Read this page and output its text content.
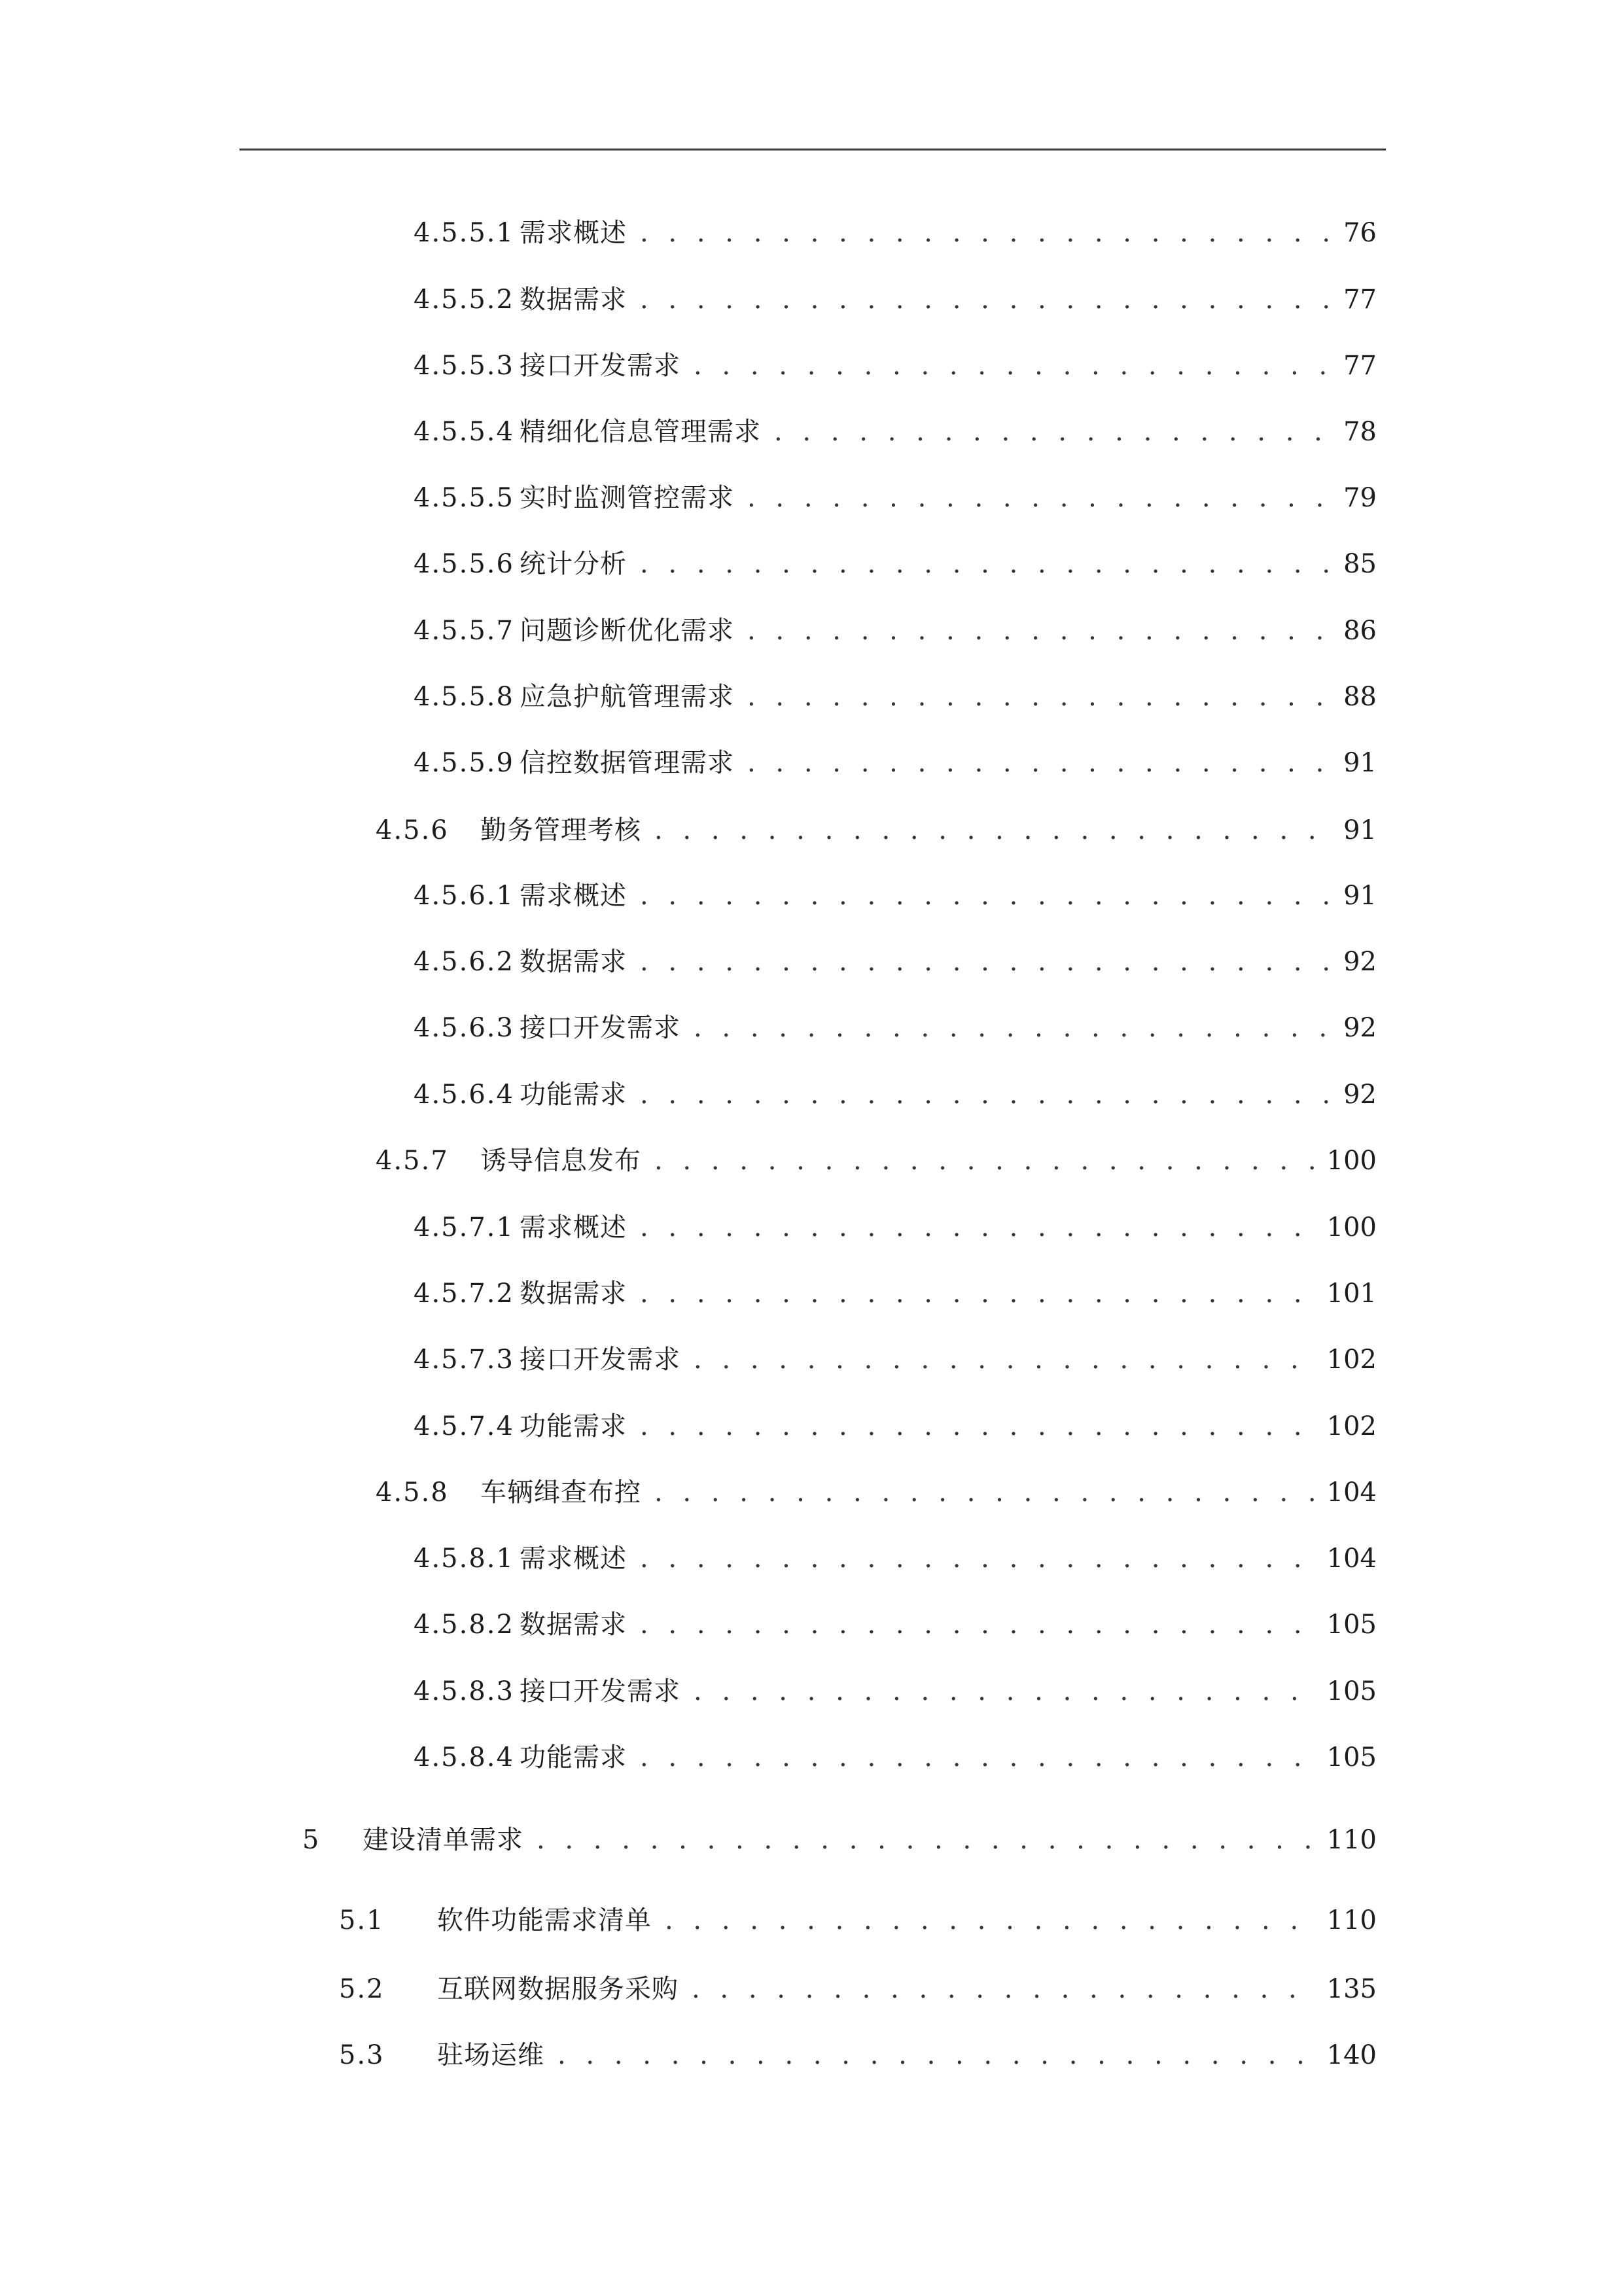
4.5.5.1 需求概述 . . .	76
4.5.5.2 数据需求 . . .	77
4.5.5.3 接口开发需求 . . .	77
4.5.5.4 精细化信息管理需求 . . .	78
4.5.5.5 实时监测管控需求 . . .	79
4.5.5.6 统计分析 . . .	85
4.5.5.7 问题诊断优化需求 . . .	86
4.5.5.8 应急护航管理需求 . . .	88
4.5.5.9 信控数据管理需求 . . .	91
4.5.6	勤务管理考核 . . .	91
4.5.6.1 需求概述 . . .	91
4.5.6.2 数据需求 . . .	92
4.5.6.3 接口开发需求 . . .	92
4.5.6.4 功能需求 . . .	92
4.5.7	诱导信息发布 . . .	100
4.5.7.1 需求概述 . . .	100
4.5.7.2 数据需求 . . .	101
4.5.7.3 接口开发需求 . . .	102
4.5.7.4 功能需求 . . .	102
4.5.8	车辆缉查布控 . . .	104
4.5.8.1 需求概述 . . .	104
4.5.8.2 数据需求 . . .	105
4.5.8.3 接口开发需求 . . .	105
4.5.8.4 功能需求 . . .	105
5	建设清单需求 . . .	110
5.1	软件功能需求清单 . . .	110
5.2	互联网数据服务采购 . . .	135
5.3	驻场运维 . . .	140
